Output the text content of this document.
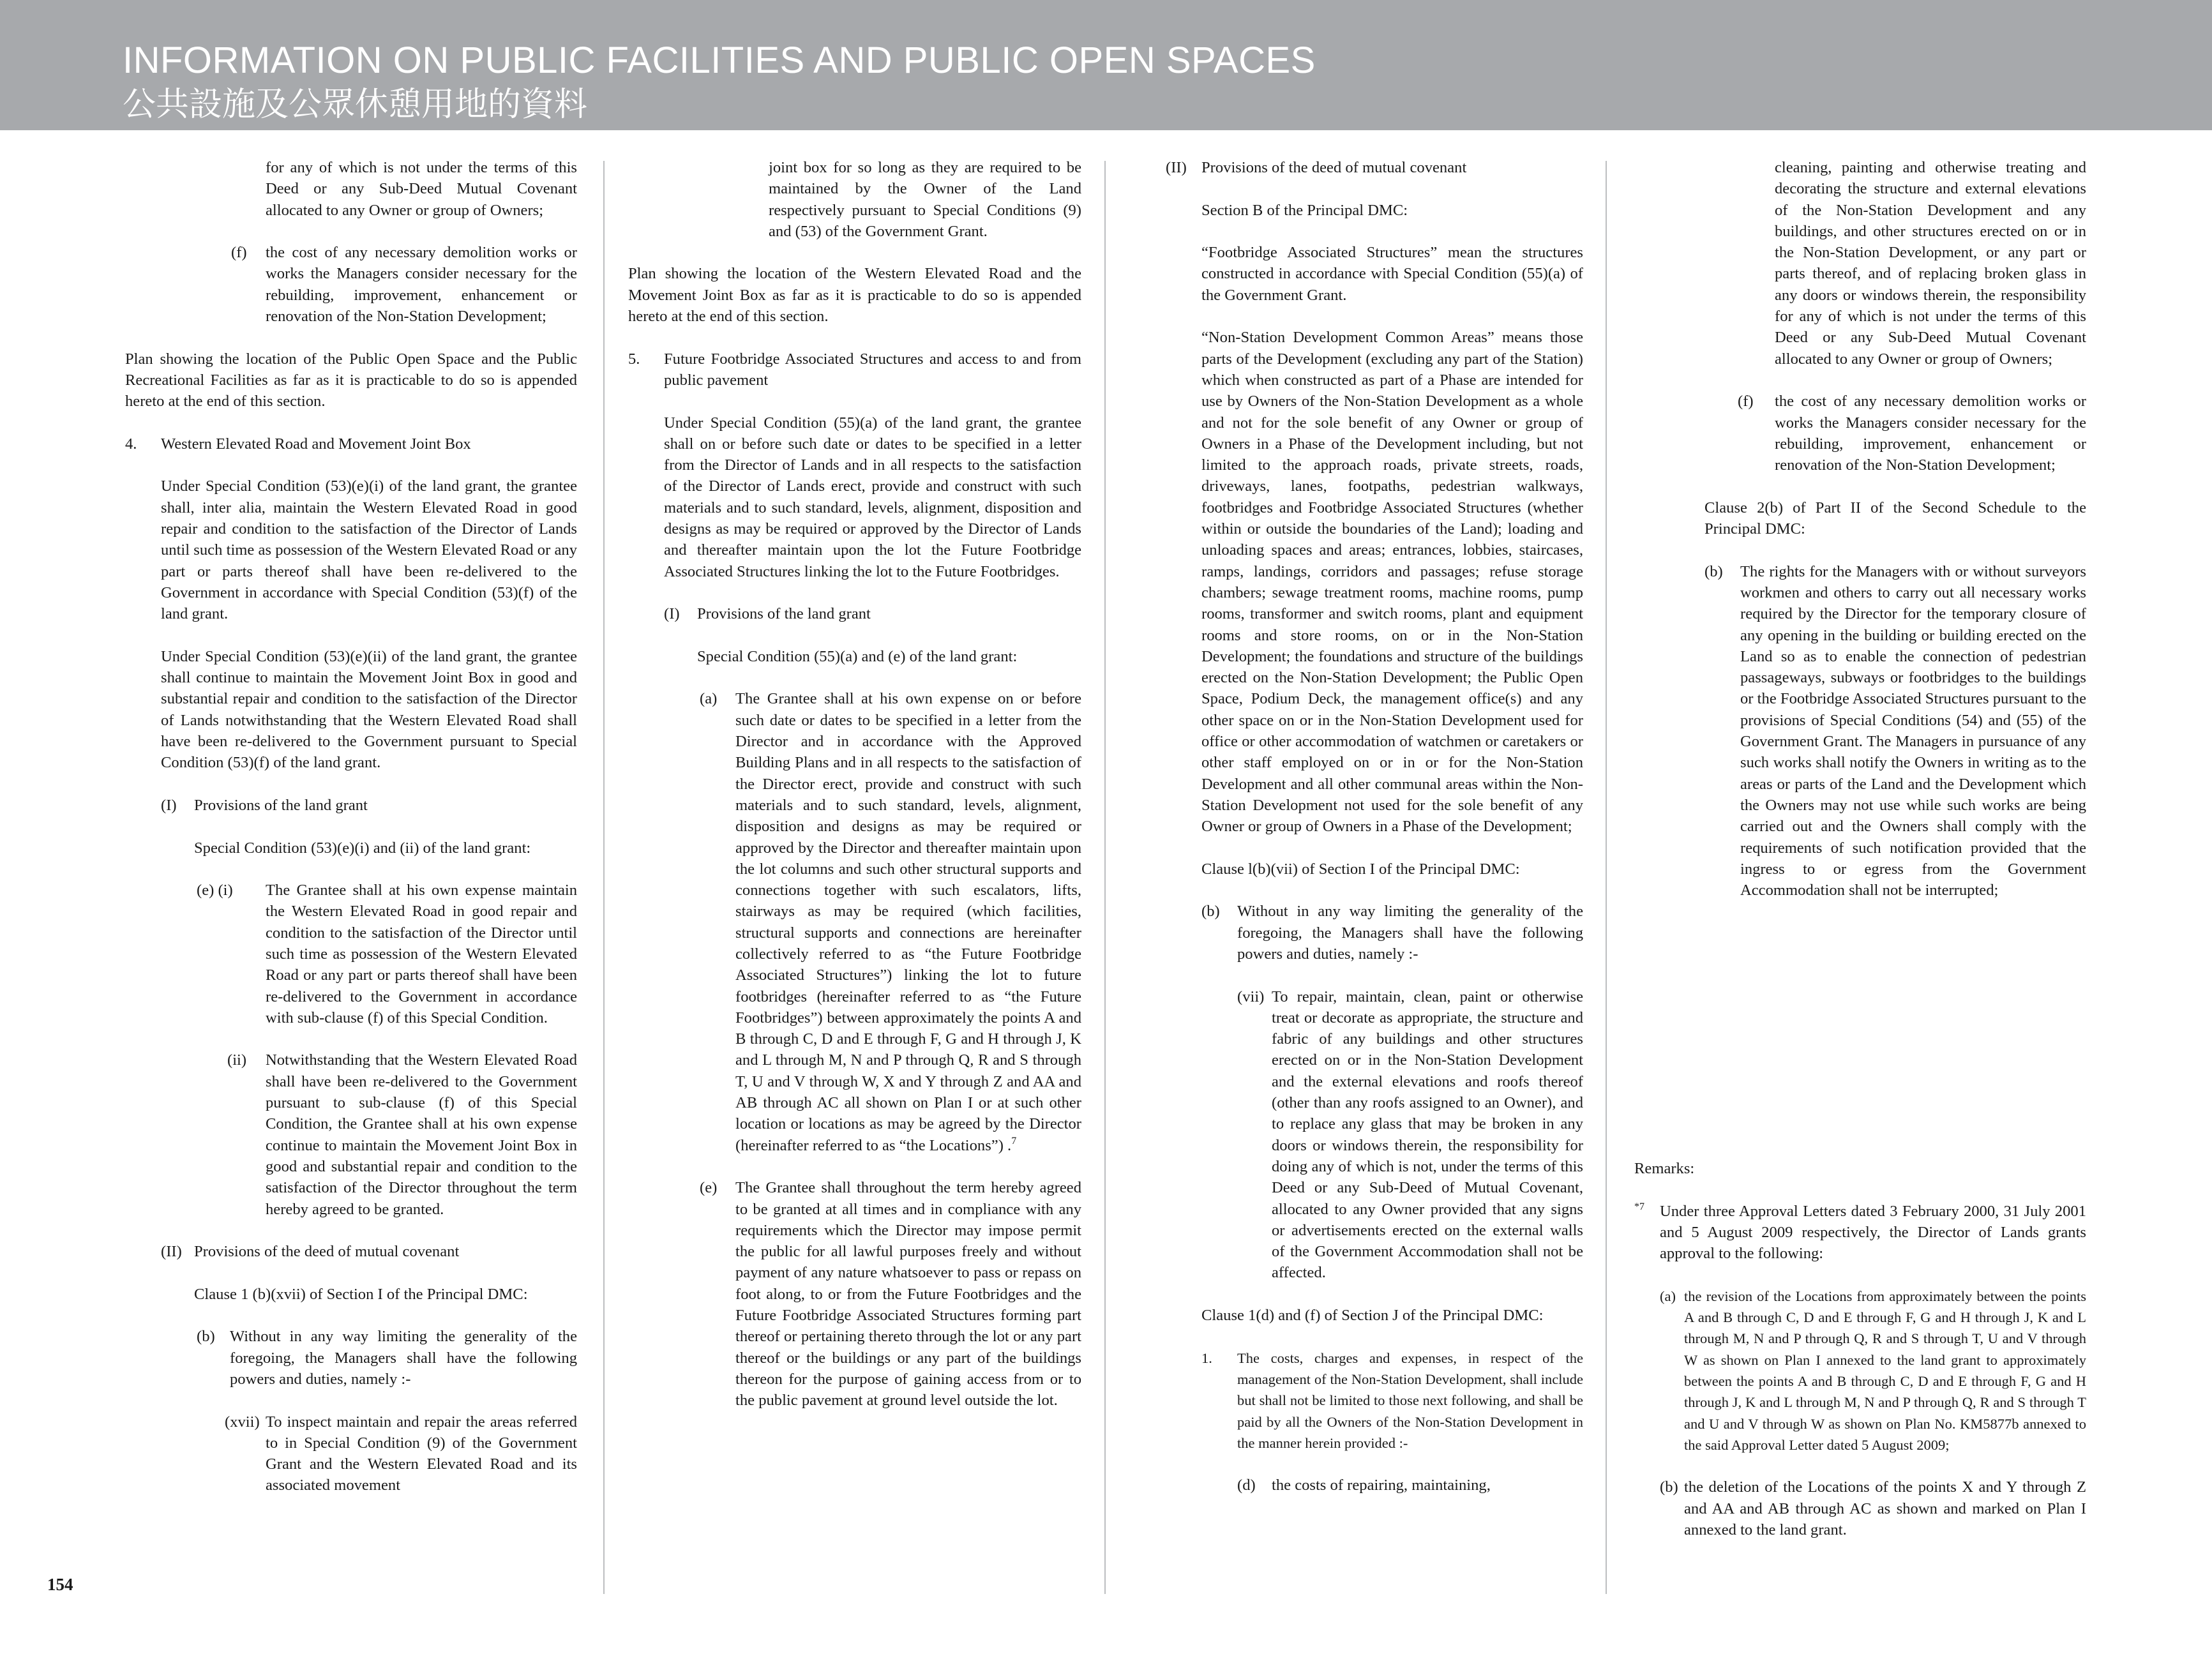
INFORMATION ON PUBLIC FACILITIES AND PUBLIC OPEN SPACES
公共設施及公眾休憩用地的資料

for any of which is not under the terms of this Deed or any Sub-Deed Mutual Covenant allocated to any Owner or group of Owners;

(f)	the cost of any necessary demolition works or works the Managers consider necessary for the rebuilding, improvement, enhancement or renovation of the Non-Station Development;

Plan showing the location of the Public Open Space and the Public Recreational Facilities as far as it is practicable to do so is appended hereto at the end of this section.

4.	Western Elevated Road and Movement Joint Box

Under Special Condition (53)(e)(i) of the land grant, the grantee shall, inter alia, maintain the Western Elevated Road in good repair and condition to the satisfaction of the Director of Lands until such time as possession of the Western Elevated Road or any part or parts thereof shall have been re-delivered to the Government in accordance with Special Condition (53)(f) of the land grant.

Under Special Condition (53)(e)(ii) of the land grant, the grantee shall continue to maintain the Movement Joint Box in good and substantial repair and condition to the satisfaction of the Director of Lands notwithstanding that the Western Elevated Road shall have been re-delivered to the Government pursuant to Special Condition (53)(f) of the land grant.

(I)	Provisions of the land grant

Special Condition (53)(e)(i) and (ii) of the land grant:

(e) (i)	The Grantee shall at his own expense maintain the Western Elevated Road in good repair and condition to the satisfaction of the Director until such time as possession of the Western Elevated Road or any part or parts thereof shall have been re-delivered to the Government in accordance with sub-clause (f) of this Special Condition.
(ii)	Notwithstanding that the Western Elevated Road shall have been re-delivered to the Government pursuant to sub-clause (f) of this Special Condition, the Grantee shall at his own expense continue to maintain the Movement Joint Box in good and substantial repair and condition to the satisfaction of the Director throughout the term hereby agreed to be granted.
(II) Provisions of the deed of mutual covenant

Clause 1 (b)(xvii) of Section I of the Principal DMC:

(b) Without in any way limiting the generality of the foregoing, the Managers shall have the following powers and duties, namely :-
(xvii) To inspect maintain and repair the areas referred to in Special Condition (9) of the Government Grant and the Western Elevated Road and its associated movement

joint box for so long as they are required to be maintained by the Owner of the Land respectively pursuant to Special Conditions (9) and (53) of the Government Grant.

Plan showing the location of the Western Elevated Road and the Movement Joint Box as far as it is practicable to do so is appended hereto at the end of this section.

5.	Future Footbridge Associated Structures and access to and from public pavement

Under Special Condition (55)(a) of the land grant, the grantee shall on or before such date or dates to be specified in a letter from the Director of Lands and in all respects to the satisfaction of the Director of Lands erect, provide and construct with such materials and to such standard, levels, alignment, disposition and designs as may be required or approved by the Director of Lands and thereafter maintain upon the lot the Future Footbridge Associated Structures linking the lot to the Future Footbridges.

(I)	Provisions of the land grant

Special Condition (55)(a) and (e) of the land grant:

(a)	The Grantee shall at his own expense on or before such date or dates to be specified in a letter from the Director and in accordance with the Approved Building Plans and in all respects to the satisfaction of the Director erect, provide and construct with such materials and to such standard, levels, alignment, disposition and designs as may be required or approved by the Director and thereafter maintain upon the lot columns and such other structural supports and connections together with such escalators, lifts, stairways as may be required (which facilities, structural supports and connections are hereinafter collectively referred to as “the Future Footbridge Associated Structures”) linking the lot to future footbridges (hereinafter referred to as “the Future Footbridges”) between approximately the points A and B through C, D and E through F, G and H through J, K and L through M, N and P through Q, R and S through T, U and V through W, X and Y through Z and AA and AB through AC all shown on Plan I or at such other location or locations as may be agreed by the Director (hereinafter referred to as “the Locations”) .$^7$
(e)	The Grantee shall throughout the term hereby agreed to be granted at all times and in compliance with any requirements which the Director may impose permit the public for all lawful purposes freely and without payment of any nature whatsoever to pass or repass on foot along, to or from the Future Footbridges and the Future Footbridge Associated Structures forming part thereof or pertaining thereto through the lot or any part thereof or the buildings or any part of the buildings thereon for the purpose of gaining access from or to the public pavement at ground level outside the lot.
(II) Provisions of the deed of mutual covenant

Section B of the Principal DMC:

“Footbridge Associated Structures” mean the structures constructed in accordance with Special Condition (55)(a) of the Government Grant.

“Non-Station Development Common Areas” means those parts of the Development (excluding any part of the Station) which when constructed as part of a Phase are intended for use by Owners of the Non-Station Development as a whole and not for the sole benefit of any Owner or group of Owners in a Phase of the Development including, but not limited to the approach roads, private streets, roads, driveways, lanes, footpaths, pedestrian walkways, footbridges and Footbridge Associated Structures (whether within or outside the boundaries of the Land); loading and unloading spaces and areas; entrances, lobbies, staircases, ramps, landings, corridors and passages; refuse storage chambers; sewage treatment rooms, machine rooms, pump rooms, transformer and switch rooms, plant and equipment rooms and store rooms, on or in the Non-Station Development; the foundations and structure of the buildings erected on the Non-Station Development; the Public Open Space, Podium Deck, the management office(s) and any other space on or in the Non-Station Development used for office or other accommodation of watchmen or caretakers or other staff employed on or in or for the Non-Station Development and all other communal areas within the Non-Station Development not used for the sole benefit of any Owner or group of Owners in a Phase of the Development;

Clause l(b)(vii) of Section I of the Principal DMC:

(b)	Without in any way limiting the generality of the foregoing, the Managers shall have the following powers and duties, namely :-
(vii) To repair, maintain, clean, paint or otherwise treat or decorate as appropriate, the structure and fabric of any buildings and other structures erected on or in the Non-Station Development and the external elevations and roofs thereof (other than any roofs assigned to an Owner), and to replace any glass that may be broken in any doors or windows therein, the responsibility for doing any of which is not, under the terms of this Deed or any Sub-Deed of Mutual Covenant, allocated to any Owner provided that any signs or advertisements erected on the external walls of the Government Accommodation shall not be affected.

Clause 1(d) and (f) of Section J of the Principal DMC:

1.	The costs, charges and expenses, in respect of the management of the Non-Station Development, shall include but shall not be limited to those next following, and shall be paid by all the Owners of the Non-Station Development in the manner herein provided :-
(d)	the costs of repairing, maintaining,

cleaning, painting and otherwise treating and decorating the structure and external elevations of the Non-Station Development and any buildings, and other structures erected on or in the Non-Station Development, or any part or parts thereof, and of replacing broken glass in any doors or windows therein, the responsibility for any of which is not under the terms of this Deed or any Sub-Deed Mutual Covenant allocated to any Owner or group of Owners;

(f)	the cost of any necessary demolition works or works the Managers consider necessary for the rebuilding, improvement, enhancement or renovation of the Non-Station Development;

Clause 2(b) of Part II of the Second Schedule to the Principal DMC:

(b)	The rights for the Managers with or without surveyors workmen and others to carry out all necessary works required by the Director for the temporary closure of any opening in the building or building erected on the Land so as to enable the connection of pedestrian passageways, subways or footbridges to the buildings or the Footbridge Associated Structures pursuant to the provisions of Special Conditions (54) and (55) of the Government Grant. The Managers in pursuance of any such works shall notify the Owners in writing as to the areas or parts of the Land and the Development which the Owners may not use while such works are being carried out and the Owners shall comply with the requirements of such notification provided that the ingress to or egress from the Government Accommodation shall not be interrupted;

Remarks:

$^{*7}$ Under three Approval Letters dated 3 February 2000, 31 July 2001 and 5 August 2009 respectively, the Director of Lands grants approval to the following:
(a) the revision of the Locations from approximately between the points A and B through C, D and E through F, G and H through J, K and L through M, N and P through Q, R and S through T, U and V through W as shown on Plan I annexed to the land grant to approximately between the points A and B through C, D and E through F, G and H through J, K and L through M, N and P through Q, R and S through T and U and V through W as shown on Plan No. KM5877b annexed to the said Approval Letter dated 5 August 2009;
(b) the deletion of the Locations of the points X and Y through Z and AA and AB through AC as shown and marked on Plan I annexed to the land grant.
154
